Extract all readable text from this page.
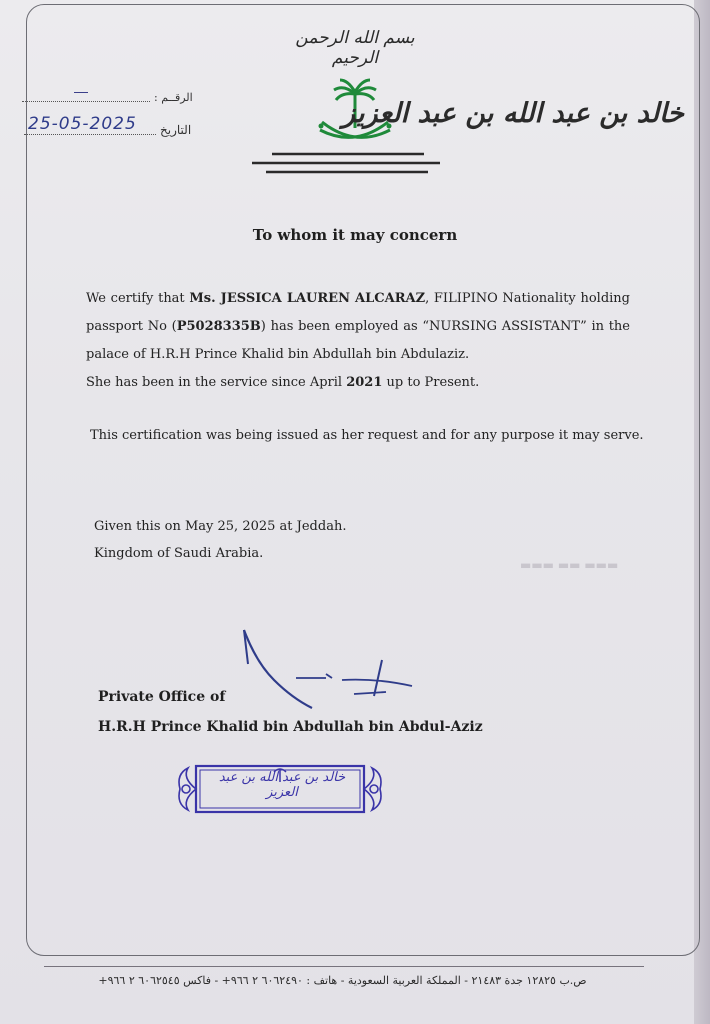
بسم الله الرحمن الرحيم
الرقــم :
25-05-2025 التاريخ
خالد بن عبد الله بن عبد العزيز
▬▬▬ ▬▬ ▬▬▬
To whom it may concern
We certify that Ms. JESSICA LAUREN ALCARAZ, FILIPINO Nationality holding passport No (P5028335B) has been employed as “NURSING ASSISTANT” in the palace of H.R.H Prince Khalid bin Abdullah bin Abdulaziz.
She has been in the service since April 2021 up to Present.
This certification was being issued as her request and for any purpose it may serve.
Given this on May 25, 2025 at Jeddah.
Kingdom of Saudi Arabia.
Private Office of
H.R.H Prince Khalid bin Abdullah bin Abdul-Aziz
خالد بن عبد الله بن عبد العزيز
ص.ب ١٢٨٢٥ جدة ٢١٤٨٣ - المملكة العربية السعودية - هاتف : ٦٠٦٢٤٩٠ ٢ ٩٦٦+ - فاكس ٦٠٦٢٥٤٥ ٢ ٩٦٦+
